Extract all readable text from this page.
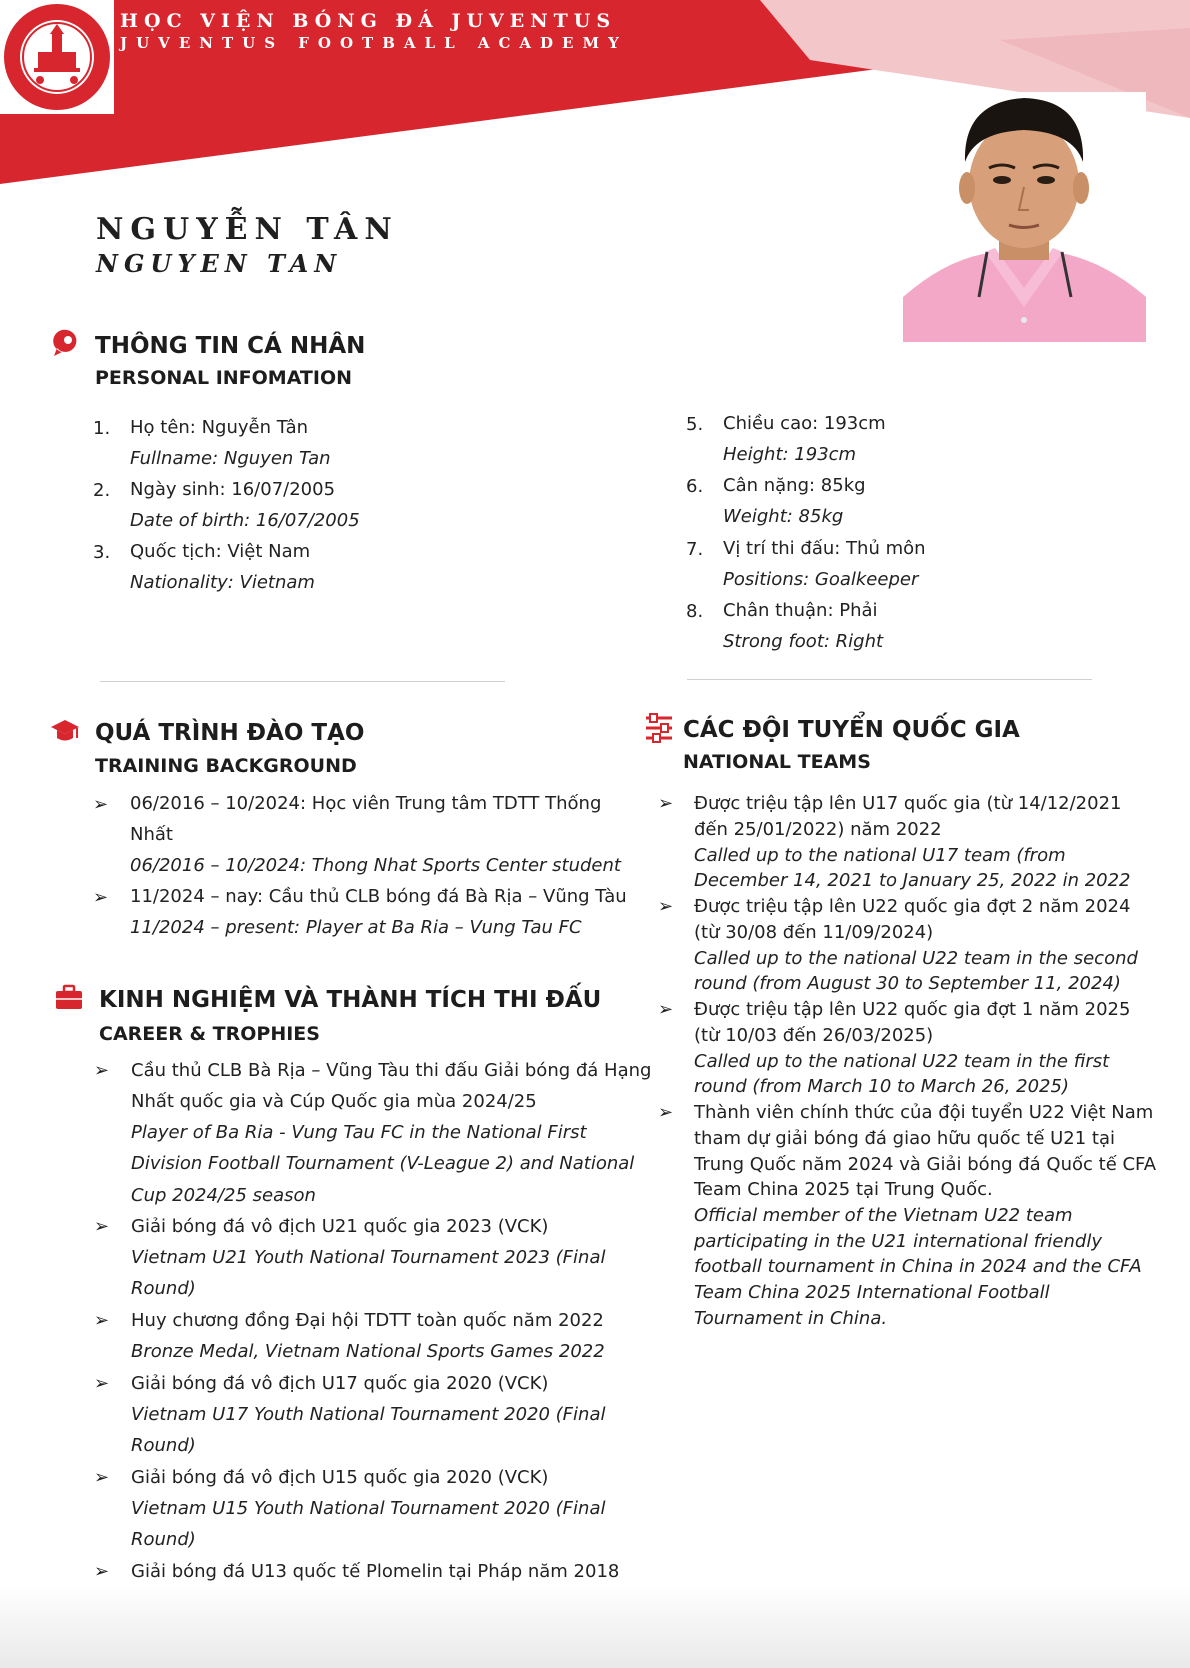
HỌC VIỆN BÓNG ĐÁ JUVENTUS
JUVENTUS FOOTBALL ACADEMY
NGUYỄN TÂN
NGUYEN TAN
THÔNG TIN CÁ NHÂN
PERSONAL INFOMATION
1. Họ tên: Nguyễn Tân
Fullname: Nguyen Tan
2. Ngày sinh: 16/07/2005
Date of birth: 16/07/2005
3. Quốc tịch: Việt Nam
Nationality: Vietnam
5. Chiều cao: 193cm
Height: 193cm
6. Cân nặng: 85kg
Weight: 85kg
7. Vị trí thi đấu: Thủ môn
Positions: Goalkeeper
8. Chân thuận: Phải
Strong foot: Right
QUÁ TRÌNH ĐÀO TẠO
TRAINING BACKGROUND
➢ 06/2016 – 10/2024: Học viên Trung tâm TDTT Thống
Nhất
06/2016 – 10/2024: Thong Nhat Sports Center student
➢ 11/2024 – nay: Cầu thủ CLB bóng đá Bà Rịa – Vũng Tàu
11/2024 – present: Player at Ba Ria – Vung Tau FC
KINH NGHIỆM VÀ THÀNH TÍCH THI ĐẤU
CAREER & TROPHIES
➢ Cầu thủ CLB Bà Rịa – Vũng Tàu thi đấu Giải bóng đá Hạng
Nhất quốc gia và Cúp Quốc gia mùa 2024/25
Player of Ba Ria - Vung Tau FC in the National First
Division Football Tournament (V-League 2) and National
Cup 2024/25 season
➢ Giải bóng đá vô địch U21 quốc gia 2023 (VCK)
Vietnam U21 Youth National Tournament 2023 (Final
Round)
➢ Huy chương đồng Đại hội TDTT toàn quốc năm 2022
Bronze Medal, Vietnam National Sports Games 2022
➢ Giải bóng đá vô địch U17 quốc gia 2020 (VCK)
Vietnam U17 Youth National Tournament 2020 (Final
Round)
➢ Giải bóng đá vô địch U15 quốc gia 2020 (VCK)
Vietnam U15 Youth National Tournament 2020 (Final
Round)
➢ Giải bóng đá U13 quốc tế Plomelin tại Pháp năm 2018
CÁC ĐỘI TUYỂN QUỐC GIA
NATIONAL TEAMS
➢ Được triệu tập lên U17 quốc gia (từ 14/12/2021
đến 25/01/2022) năm 2022
Called up to the national U17 team (from
December 14, 2021 to January 25, 2022 in 2022
➢ Được triệu tập lên U22 quốc gia đợt 2 năm 2024
(từ 30/08 đến 11/09/2024)
Called up to the national U22 team in the second
round (from August 30 to September 11, 2024)
➢ Được triệu tập lên U22 quốc gia đợt 1 năm 2025
(từ 10/03 đến 26/03/2025)
Called up to the national U22 team in the first
round (from March 10 to March 26, 2025)
➢ Thành viên chính thức của đội tuyển U22 Việt Nam
tham dự giải bóng đá giao hữu quốc tế U21 tại
Trung Quốc năm 2024 và Giải bóng đá Quốc tế CFA
Team China 2025 tại Trung Quốc.
Official member of the Vietnam U22 team
participating in the U21 international friendly
football tournament in China in 2024 and the CFA
Team China 2025 International Football
Tournament in China.
